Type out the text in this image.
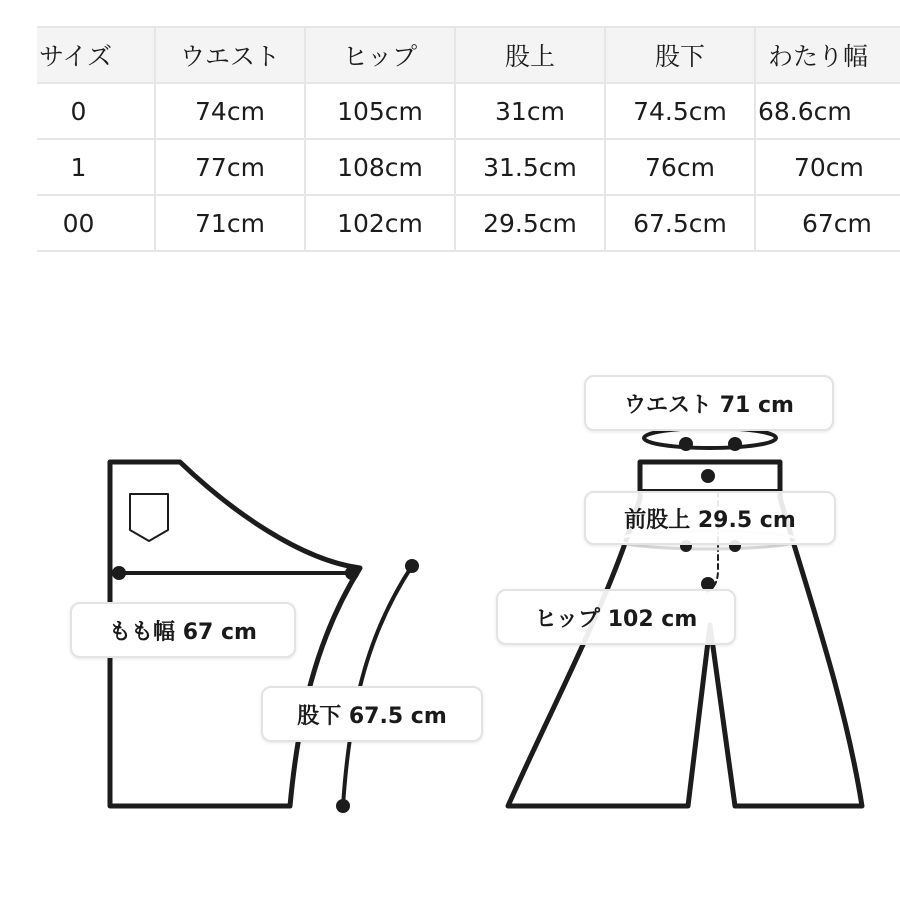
サイズ	ウエスト	ヒップ	股上	股下	わたり幅
0	74cm	105cm	31cm	74.5cm	68.6cm
1	77cm	108cm	31.5cm	76cm	70cm
00	71cm	102cm	29.5cm	67.5cm	67cm
もも幅 67 cm
股下 67.5 cm
ウエスト 71 cm
前股上 29.5 cm
ヒップ 102 cm
